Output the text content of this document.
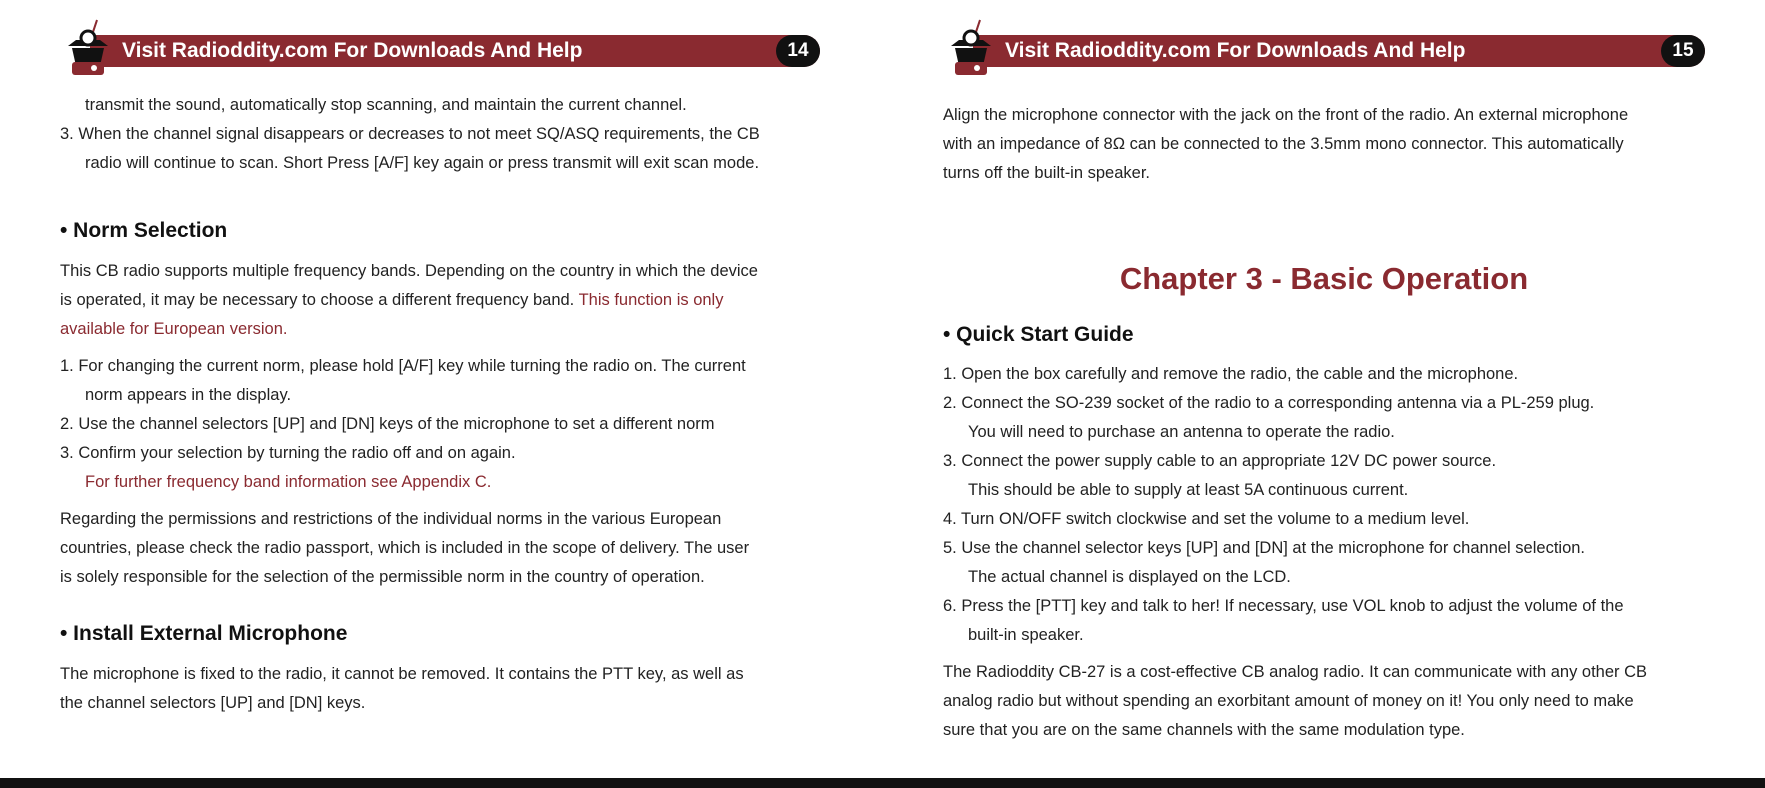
Visit Radioddity.com For Downloads And Help	14

transmit the sound, automatically stop scanning, and maintain the current channel.

3. When the channel signal disappears or decreases to not meet SQ/ASQ requirements, the CB

radio will continue to scan. Short Press [A/F] key again or press transmit will exit scan mode.

• Norm Selection

This CB radio supports multiple frequency bands. Depending on the country in which the device

is operated, it may be necessary to choose a different frequency band. This function is only

available for European version.

1. For changing the current norm, please hold [A/F] key while turning the radio on. The current

norm appears in the display.

2. Use the channel selectors [UP] and [DN] keys of the microphone to set a different norm

3. Confirm your selection by turning the radio off and on again.

For further frequency band information see Appendix C.

Regarding the permissions and restrictions of the individual norms in the various European

countries, please check the radio passport, which is included in the scope of delivery. The user

is solely responsible for the selection of the permissible norm in the country of operation.

• Install External Microphone

The microphone is fixed to the radio, it cannot be removed. It contains the PTT key, as well as

the channel selectors [UP] and [DN] keys.

Visit Radioddity.com For Downloads And Help	15

Align the microphone connector with the jack on the front of the radio. An external microphone

with an impedance of 8Ω can be connected to the 3.5mm mono connector. This automatically

turns off the built-in speaker.

Chapter 3 - Basic Operation
• Quick Start Guide

1. Open the box carefully and remove the radio, the cable and the microphone.

2. Connect the SO-239 socket of the radio to a corresponding antenna via a PL-259 plug.

You will need to purchase an antenna to operate the radio.

3. Connect the power supply cable to an appropriate 12V DC power source.

This should be able to supply at least 5A continuous current.

4. Turn ON/OFF switch clockwise and set the volume to a medium level.

5. Use the channel selector keys [UP] and [DN] at the microphone for channel selection.

The actual channel is displayed on the LCD.

6. Press the [PTT] key and talk to her! If necessary, use VOL knob to adjust the volume of the

built-in speaker.

The Radioddity CB-27 is a cost-effective CB analog radio. It can communicate with any other CB

analog radio but without spending an exorbitant amount of money on it! You only need to make

sure that you are on the same channels with the same modulation type.
